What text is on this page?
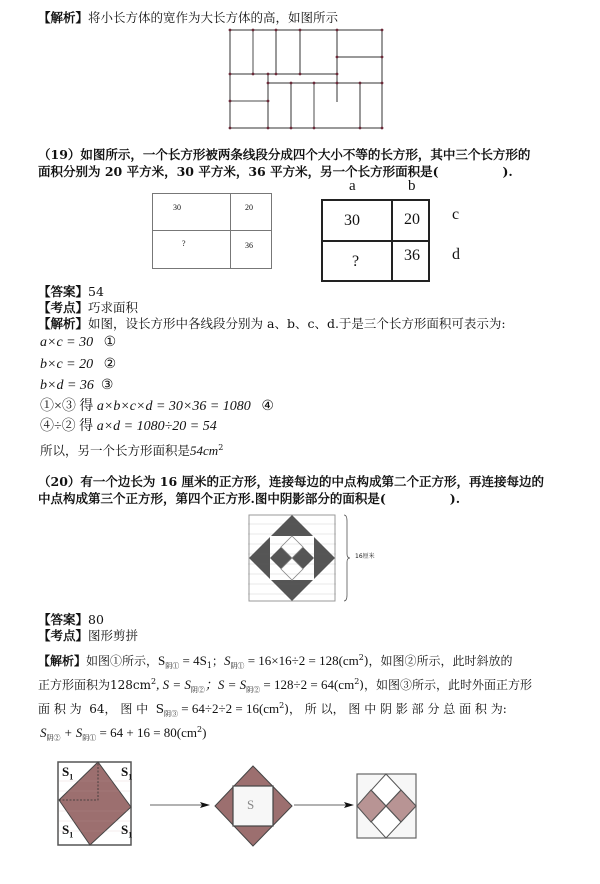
【解析】将小长方体的宽作为大长方体的高，如图所示
（19）如图所示，一个长方形被两条线段分成四个大小不等的长方形，其中三个长方形的
面积分别为 20 平方米，30 平方米，36 平方米，另一个长方形面积是(	).
30	20
?	36
a	b
30	20
?	36
c
d
【答案】54
【考点】巧求面积
【解析】如图，设长方形中各线段分别为 a、b、c、d.于是三个长方形面积可表示为:
a×c = 30 ①
b×c = 20 ②
b×d = 36 ③
①×③ 得 a×b×c×d = 30×36 = 1080 ④
④÷② 得 a×d = 1080÷20 = 54
所以，另一个长方形面积是$54cm^2$
（20）有一个边长为 16 厘米的正方形，连接每边的中点构成第二个正方形，再连接每边的
中点构成第三个正方形，第四个正方形.图中阴影部分的面积是(	).
16厘米
【答案】80
【考点】图形剪拼
【解析】如图①所示，$S_{阴①} = 4S_1$；$S_{阴①} = 16\times 16\div 2 = 128(cm^2)$，如图②所示，此时斜放的
正方形面积为$128cm^2$, $S = S_{阴②}$；$S = S_{阴②} = 128\div 2 = 64(cm^2)$，如图③所示，此时外面正方形
面 积 为  64， 图 中  $S_{阴③} = 64\div 2\div 2 = 16(cm^2)$， 所 以， 图 中 阴 影 部 分 总 面 积 为:
$S_{阴②} + S_{阴①} = 64 + 16 = 80(cm^2)$
$S_1$	$S_1$
$S_1$	$S_1$
S
